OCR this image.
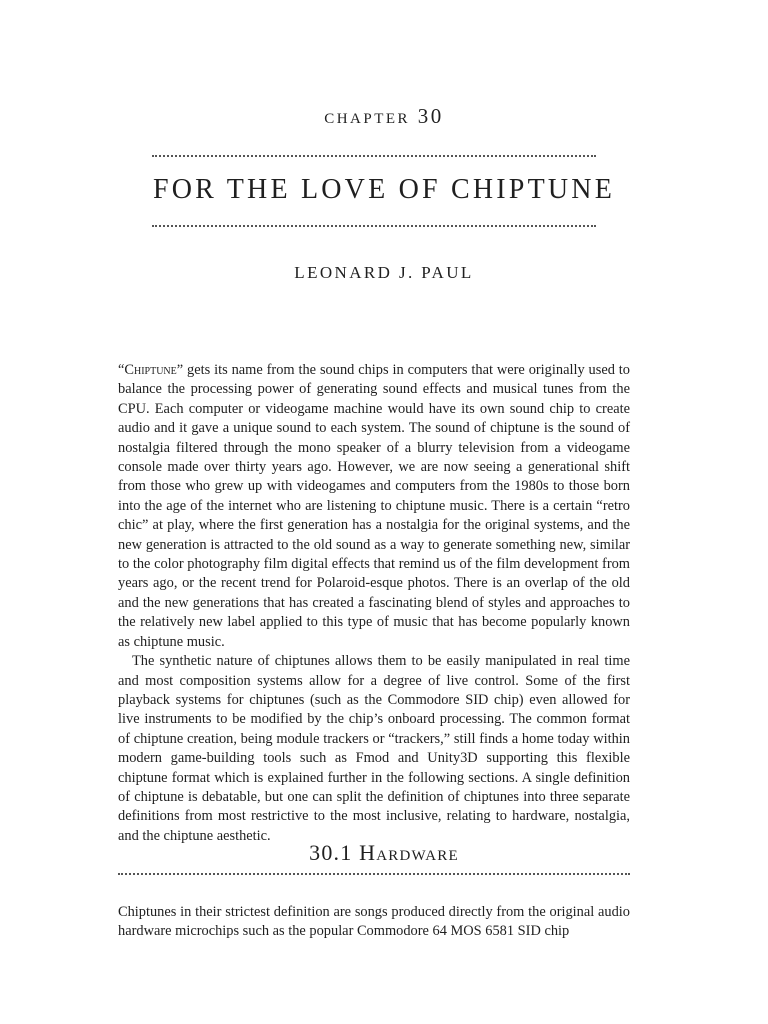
chapter 30
FOR THE LOVE OF CHIPTUNE
LEONARD J. PAUL

“Chiptune” gets its name from the sound chips in computers that were originally used to balance the processing power of generating sound effects and musical tunes from the CPU. Each computer or videogame machine would have its own sound chip to create audio and it gave a unique sound to each system. The sound of chiptune is the sound of nostalgia filtered through the mono speaker of a blurry television from a videogame console made over thirty years ago. However, we are now seeing a generational shift from those who grew up with videogames and computers from the 1980s to those born into the age of the internet who are listening to chiptune music. There is a certain “retro chic” at play, where the first generation has a nostalgia for the original systems, and the new generation is attracted to the old sound as a way to generate something new, similar to the color photography film digital effects that remind us of the film development from years ago, or the recent trend for Polaroid-esque photos. There is an overlap of the old and the new generations that has created a fascinating blend of styles and approaches to the relatively new label applied to this type of music that has become popularly known as chiptune music.

The synthetic nature of chiptunes allows them to be easily manipulated in real time and most composition systems allow for a degree of live control. Some of the first playback systems for chiptunes (such as the Commodore SID chip) even allowed for live instruments to be modified by the chip’s onboard processing. The common format of chiptune creation, being module trackers or “trackers,” still finds a home today within modern game-building tools such as Fmod and Unity3D supporting this flexible chiptune format which is explained further in the following sections. A single definition of chiptune is debatable, but one can split the definition of chiptunes into three separate definitions from most restrictive to the most inclusive, relating to hardware, nostalgia, and the chiptune aesthetic.

30.1 Hardware

Chiptunes in their strictest definition are songs produced directly from the original audio hardware microchips such as the popular Commodore 64 MOS 6581 SID chip
